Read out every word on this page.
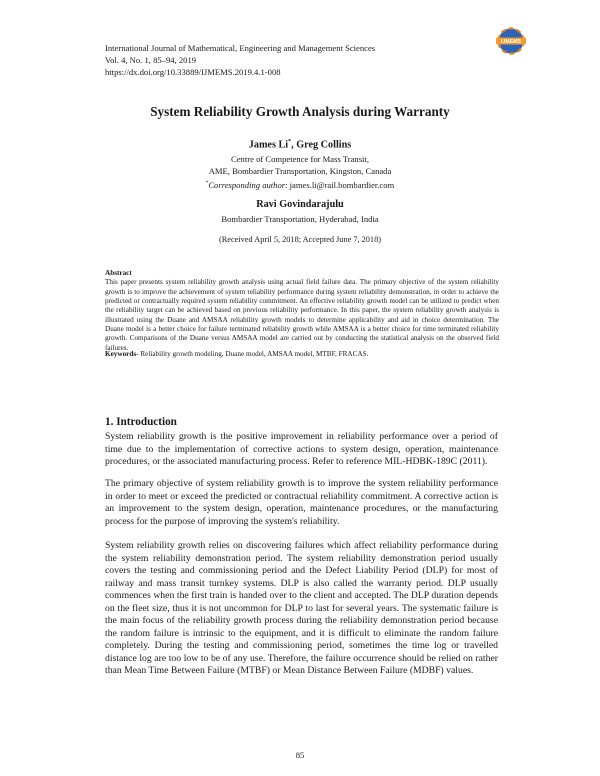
International Journal of Mathematical, Engineering and Management Sciences
Vol. 4, No. 1, 85–94, 2019
https://dx.doi.org/10.33889/IJMEMS.2019.4.1-008
IJMEMS
System Reliability Growth Analysis during Warranty
James Li*, Greg Collins
Centre of Competence for Mass Transit,
AME, Bombardier Transportation, Kingston, Canada
*Corresponding author: james.li@rail.bombardier.com
Ravi Govindarajulu
Bombardier Transportation, Hyderabad, India
(Received April 5, 2018; Accepted June 7, 2018)
Abstract
This paper presents system reliability growth analysis using actual field failure data. The primary objective of the system reliability growth is to improve the achievement of system reliability performance during system reliability demonstration, in order to achieve the predicted or contractually required system reliability commitment. An effective reliability growth model can be utilized to predict when the reliability target can be achieved based on previous reliability performance. In this paper, the system reliability growth analysis is illustrated using the Duane and AMSAA reliability growth models to determine applicability and aid in choice determination. The Duane model is a better choice for failure terminated reliability growth while AMSAA is a better choice for time terminated reliability growth. Comparisons of the Duane versus AMSAA model are carried out by conducting the statistical analysis on the observed field failures.
Keywords- Reliability growth modeling, Duane model, AMSAA model, MTBF, FRACAS.
1. Introduction
System reliability growth is the positive improvement in reliability performance over a period of time due to the implementation of corrective actions to system design, operation, maintenance procedures, or the associated manufacturing process. Refer to reference MIL-HDBK-189C (2011).
The primary objective of system reliability growth is to improve the system reliability performance in order to meet or exceed the predicted or contractual reliability commitment. A corrective action is an improvement to the system design, operation, maintenance procedures, or the manufacturing process for the purpose of improving the system's reliability.
System reliability growth relies on discovering failures which affect reliability performance during the system reliability demonstration period. The system reliability demonstration period usually covers the testing and commissioning period and the Defect Liability Period (DLP) for most of railway and mass transit turnkey systems. DLP is also called the warranty period. DLP usually commences when the first train is handed over to the client and accepted. The DLP duration depends on the fleet size, thus it is not uncommon for DLP to last for several years. The systematic failure is the main focus of the reliability growth process during the reliability demonstration period because the random failure is intrinsic to the equipment, and it is difficult to eliminate the random failure completely. During the testing and commissioning period, sometimes the time log or travelled distance log are too low to be of any use. Therefore, the failure occurrence should be relied on rather than Mean Time Between Failure (MTBF) or Mean Distance Between Failure (MDBF) values.
85
